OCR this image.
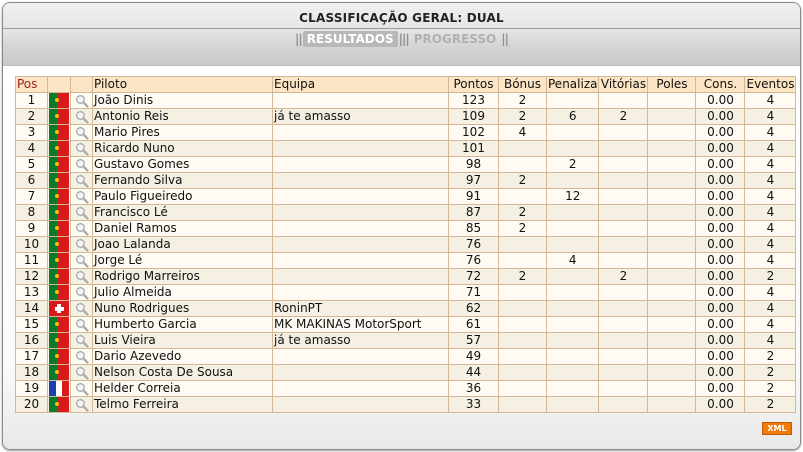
CLASSIFICAÇÃO GERAL: DUAL
|| RESULTADOS ||| PROGRESSO ||
Pos			Piloto	Equipa	Pontos	Bónus	Penaliza	Vitórias	Poles	Cons.	Eventos
1			João Dinis		123	2				0.00	4
2			Antonio Reis	já te amasso	109	2	6	2		0.00	4
3			Mario Pires		102	4				0.00	4
4			Ricardo Nuno		101					0.00	4
5			Gustavo Gomes		98		2			0.00	4
6			Fernando Silva		97	2				0.00	4
7			Paulo Figueiredo		91		12			0.00	4
8			Francisco Lé		87	2				0.00	4
9			Daniel Ramos		85	2				0.00	4
10			Joao Lalanda		76					0.00	4
11			Jorge Lé		76		4			0.00	4
12			Rodrigo Marreiros		72	2		2		0.00	2
13			Julio Almeida		71					0.00	4
14			Nuno Rodrigues	RoninPT	62					0.00	4
15			Humberto Garcia	MK MAKINAS MotorSport	61					0.00	4
16			Luis Vieira	já te amasso	57					0.00	4
17			Dario Azevedo		49					0.00	2
18			Nelson Costa De Sousa		44					0.00	2
19			Helder Correia		36					0.00	2
20			Telmo Ferreira		33					0.00	2
XML
